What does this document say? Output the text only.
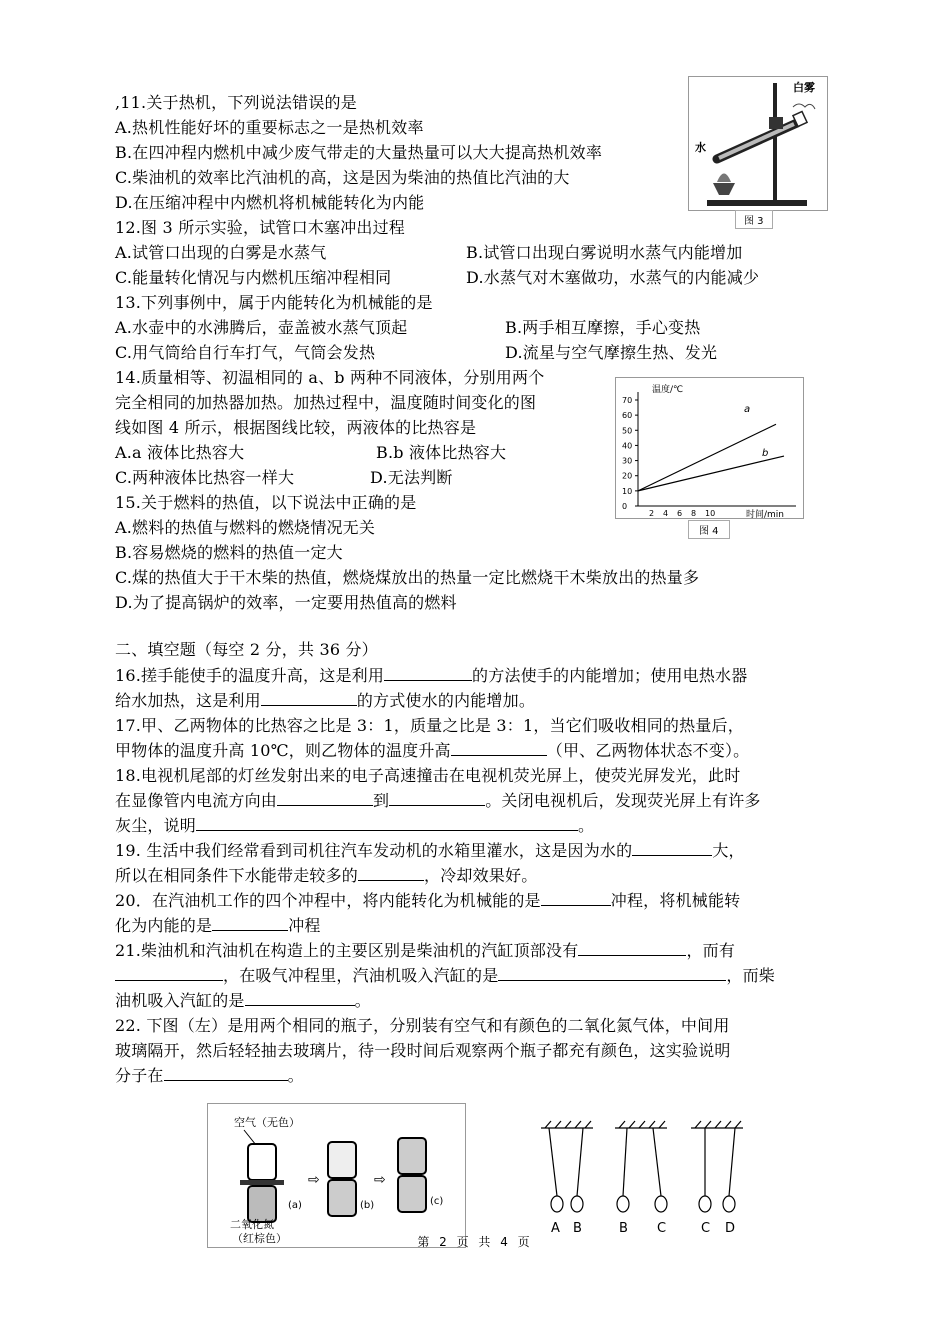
,11.关于热机，下列说法错误的是
A.热机性能好坏的重要标志之一是热机效率
B.在四冲程内燃机中减少废气带走的大量热量可以大大提高热机效率
C.柴油机的效率比汽油机的高，这是因为柴油的热值比汽油的大
D.在压缩冲程中内燃机将机械能转化为内能
12.图 3 所示实验，试管口木塞冲出过程
A.试管口出现的白雾是水蒸气	B.试管口出现白雾说明水蒸气内能增加
C.能量转化情况与内燃机压缩冲程相同	D.水蒸气对木塞做功，水蒸气的内能减少
13.下列事例中，属于内能转化为机械能的是
A.水壶中的水沸腾后，壶盖被水蒸气顶起	B.两手相互摩擦，手心变热
C.用气筒给自行车打气，气筒会发热	D.流星与空气摩擦生热、发光
14.质量相等、初温相同的 a、b 两种不同液体，分别用两个
完全相同的加热器加热。加热过程中，温度随时间变化的图
线如图 4 所示，根据图线比较，两液体的比热容是
A.a 液体比热容大	B.b 液体比热容大
C.两种液体比热容一样大	D.无法判断
15.关于燃料的热值，以下说法中正确的是
A.燃料的热值与燃料的燃烧情况无关
B.容易燃烧的燃料的热值一定大
C.煤的热值大于干木柴的热值，燃烧煤放出的热量一定比燃烧干木柴放出的热量多
D.为了提高锅炉的效率，一定要用热值高的燃料
二、填空题（每空 2 分，共 36 分）
16.搓手能使手的温度升高，这是利用	的方法使手的内能增加；使用电热水器
给水加热，这是利用	的方式使水的内能增加。
17.甲、乙两物体的比热容之比是 3：1，质量之比是 3：1，当它们吸收相同的热量后，
甲物体的温度升高 10℃，则乙物体的温度升高	（甲、乙两物体状态不变）。
18.电视机尾部的灯丝发射出来的电子高速撞击在电视机荧光屏上，使荧光屏发光，此时
在显像管内电流方向由	到	。关闭电视机后，发现荧光屏上有许多
灰尘，说明	。
19. 生活中我们经常看到司机往汽车发动机的水箱里灌水，这是因为水的	大，
所以在相同条件下水能带走较多的	，冷却效果好。
20．在汽油机工作的四个冲程中，将内能转化为机械能的是	冲程，将机械能转
化为内能的是	冲程
21.柴油机和汽油机在构造上的主要区别是柴油机的汽缸顶部没有	，而有
，在吸气冲程里，汽油机吸入汽缸的是	，而柴
油机吸入汽缸的是	。
22. 下图（左）是用两个相同的瓶子，分别装有空气和有颜色的二氧化氮气体，中间用
玻璃隔开，然后轻轻抽去玻璃片，待一段时间后观察两个瓶子都充有颜色，这实验说明
分子在	。
白雾
水
图 3
温度/℃
时间/min
70
60
50
40
30
20
10
0
2 4 6 8 10
a
b
图 4
空气（无色）
(a)
⇨
(b)
⇨
(c)
二氧化氮
（红棕色）
A B	B C	C D
第 2 页 共 4 页
